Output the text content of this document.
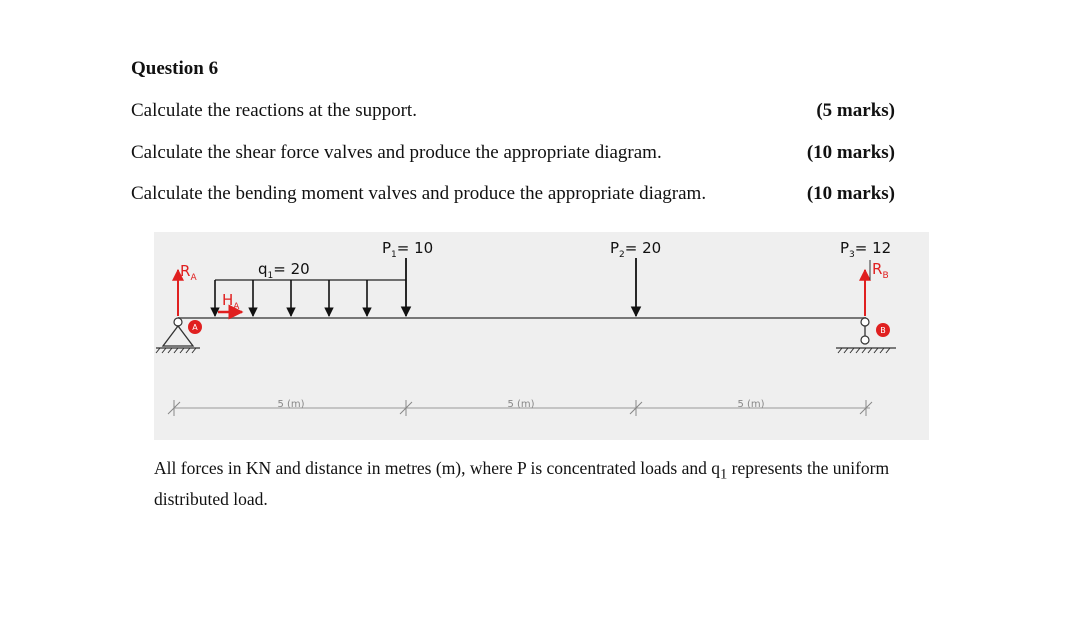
Question 6
Calculate the reactions at the support.	(5 marks)
Calculate the shear force valves and produce the appropriate diagram.	(10 marks)
Calculate the bending moment valves and produce the appropriate diagram.	(10 marks)
$P_1= 10$	$P_2= 20$	$P_3= 12$
$q_1= 20$
$R_A$
$H_A$
$R_B$
A	B
5 (m)	5 (m)	5 (m)
All forces in KN and distance in metres (m), where P is concentrated loads and $q_1$ represents the uniform distributed load.
